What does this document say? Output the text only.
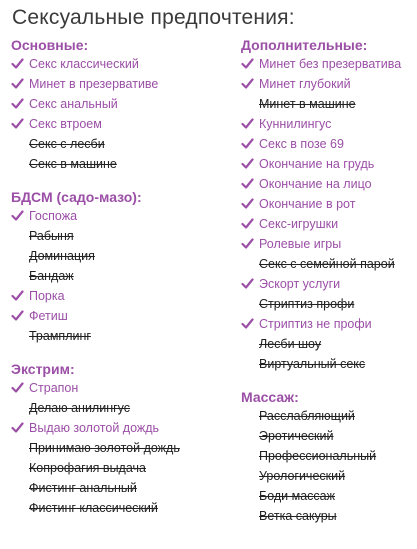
Сексуальные предпочтения:
Основные:
Секс классический
Минет в презервативе
Секс анальный
Секс втроем
Секс с лесби
Секс в машине
БДСМ (садо-мазо):
Госпожа
Рабыня
Доминация
Бандаж
Порка
Фетиш
Трамплинг
Экстрим:
Страпон
Делаю анилингус
Выдаю золотой дождь
Принимаю золотой дождь
Копрофагия выдача
Фистинг анальный
Фистинг классический
Дополнительные:
Минет без презерватива
Минет глубокий
Минет в машине
Куннилингус
Секс в позе 69
Окончание на грудь
Окончание на лицо
Окончание в рот
Секс-игрушки
Ролевые игры
Секс с семейной парой
Эскорт услуги
Стриптиз профи
Стриптиз не профи
Лесби шоу
Виртуальный секс
Массаж:
Расслабляющий
Эротический
Профессиональный
Урологический
Боди массаж
Ветка сакуры
